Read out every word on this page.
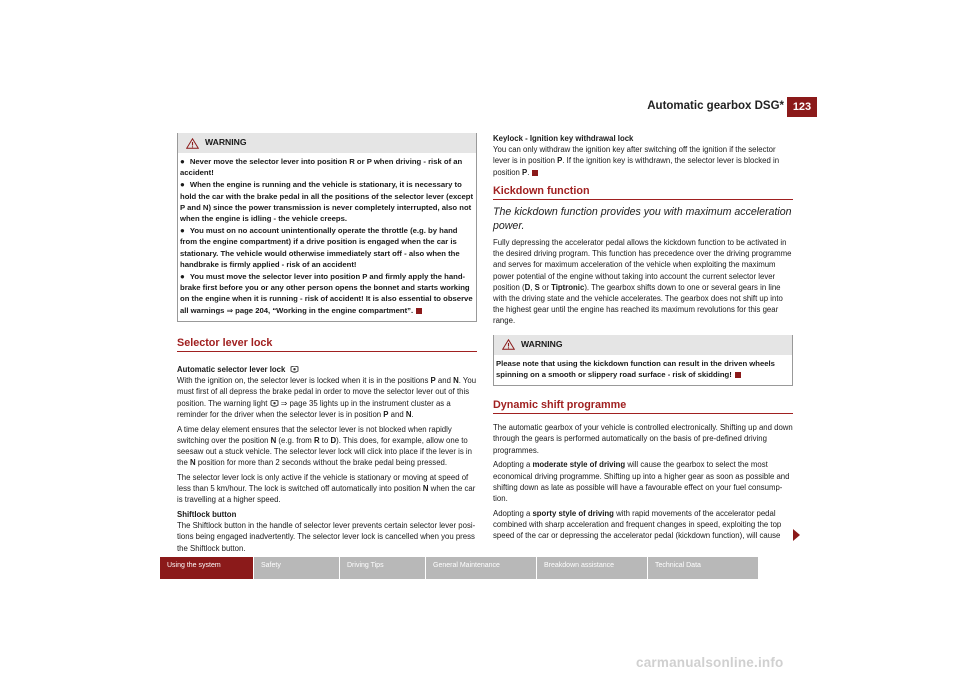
Automatic gearbox DSG* 123
WARNING

● Never move the selector lever into position R or P when driving - risk of an accident!

● When the engine is running and the vehicle is stationary, it is necessary to hold the car with the brake pedal in all the positions of the selector lever (except P and N) since the power transmission is never completely interrupted, also not when the engine is idling - the vehicle creeps.

● You must on no account unintentionally operate the throttle (e.g. by hand from the engine compartment) if a drive position is engaged when the car is stationary. The vehicle would otherwise immediately start off - also when the handbrake is firmly applied - risk of an accident!

● You must move the selector lever into position P and firmly apply the hand-brake first before you or any other person opens the bonnet and starts working on the engine when it is running - risk of accident! It is also essential to observe all warnings ⇒ page 204, “Working in the engine compartment”.

Selector lever lock

Automatic selector lever lock

With the ignition on, the selector lever is locked when it is in the positions P and N. You must first of all depress the brake pedal in order to move the selector lever out of this position. The warning light  ⇒ page 35 lights up in the instrument cluster as a reminder for the driver when the selector lever is in position P and N.

A time delay element ensures that the selector lever is not blocked when rapidly switching over the position N (e.g. from R to D). This does, for example, allow one to seesaw out a stuck vehicle. The selector lever lock will click into place if the lever is in the N position for more than 2 seconds without the brake pedal being pressed.

The selector lever lock is only active if the vehicle is stationary or moving at speed of less than 5 km/hour. The lock is switched off automatically into position N when the car is travelling at a higher speed.

Shiftlock button

The Shiftlock button in the handle of selector lever prevents certain selector lever posi-tions being engaged inadvertently. The selector lever lock is cancelled when you press the Shiftlock button.

Keylock - Ignition key withdrawal lock

You can only withdraw the ignition key after switching off the ignition if the selector lever is in position P. If the ignition key is withdrawn, the selector lever is blocked in position P.

Kickdown function
The kickdown function provides you with maximum acceleration power.

Fully depressing the accelerator pedal allows the kickdown function to be activated in the desired driving program. This function has precedence over the driving programme and serves for maximum acceleration of the vehicle when exploiting the maximum power potential of the engine without taking into account the current selector lever position (D, S or Tiptronic). The gearbox shifts down to one or several gears in line with the driving state and the vehicle accelerates. The gearbox does not shift up into the highest gear until the engine has reached its maximum revolutions for this gear range.

WARNING

Please note that using the kickdown function can result in the driven wheels spinning on a smooth or slippery road surface - risk of skidding!

Dynamic shift programme

The automatic gearbox of your vehicle is controlled electronically. Shifting up and down through the gears is performed automatically on the basis of pre-defined driving programmes.

Adopting a moderate style of driving will cause the gearbox to select the most economical driving programme. Shifting up into a higher gear as soon as possible and shifting down as late as possible will have a favourable effect on your fuel consump-tion.

Adopting a sporty style of driving with rapid movements of the accelerator pedal combined with sharp acceleration and frequent changes in speed, exploiting the top speed of the car or depressing the accelerator pedal (kickdown function), will cause

Using the system	Safety	Driving Tips	General Maintenance	Breakdown assistance	Technical Data
carmanualsonline.info
